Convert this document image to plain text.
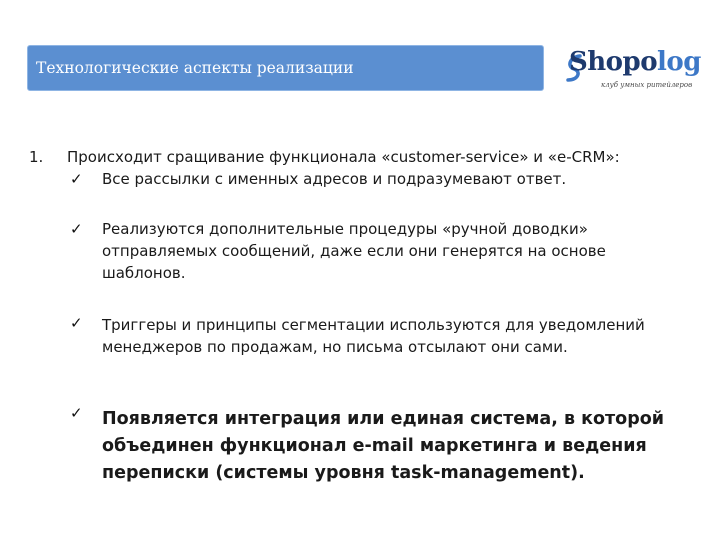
Технологические аспекты реализации	Shopolog
клуб умных ритейлеров
1. Происходит сращивание функционала «customer-service» и «e-CRM»:
✓ Все рассылки с именных адресов и подразумевают ответ.
✓ Реализуются дополнительные процедуры «ручной доводки» отправляемых сообщений, даже если они генерятся на основе шаблонов.
✓ Триггеры и принципы сегментации используются для уведомлений менеджеров по продажам, но письма отсылают они сами.
✓ Появляется интеграция или единая система, в которой объединен функционал e-mail маркетинга и ведения переписки (системы уровня task-management).
